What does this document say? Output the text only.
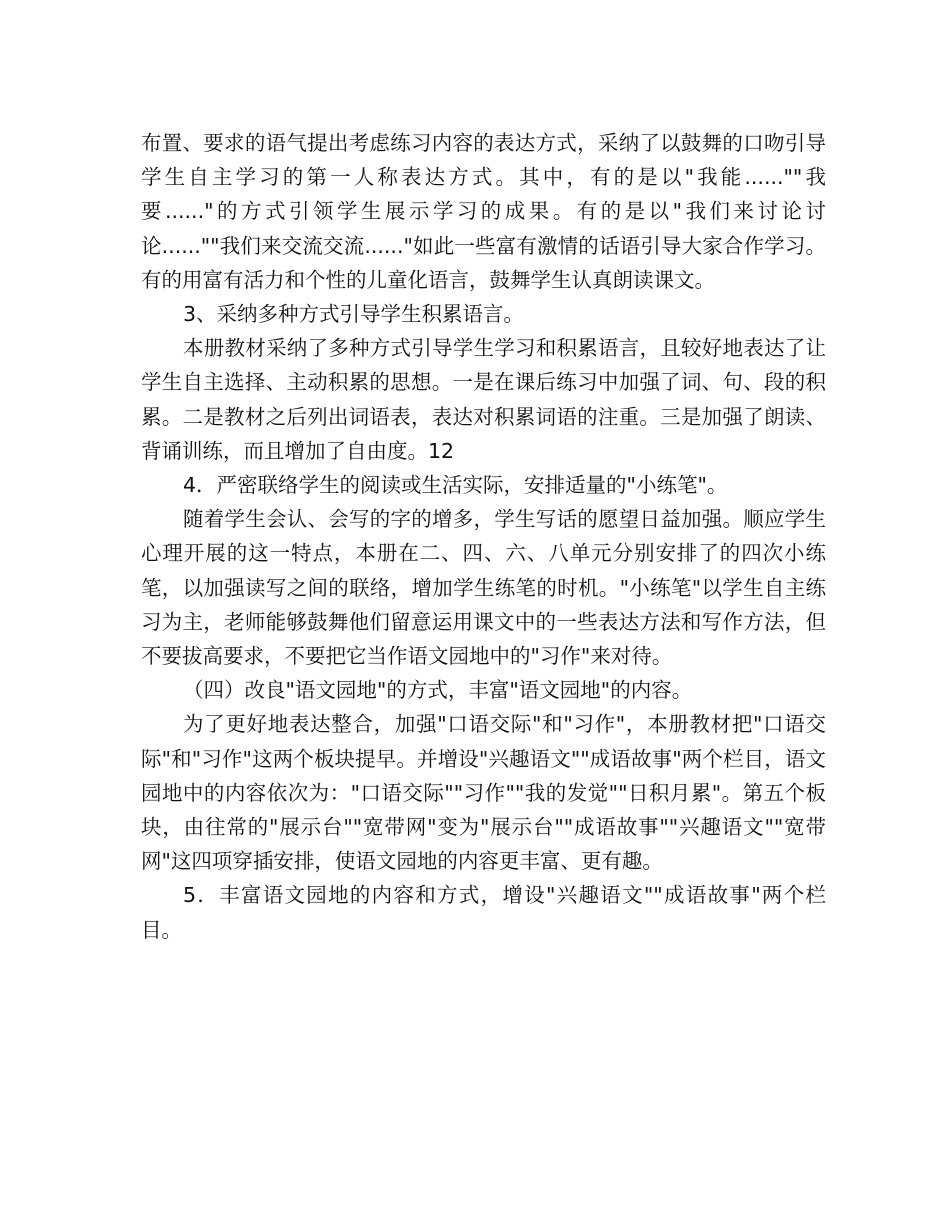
布置、要求的语气提出考虑练习内容的表达方式，采纳了以鼓舞的口吻引导学生自主学习的第一人称表达方式。其中，有的是以"我能......""我要......"的方式引领学生展示学习的成果。有的是以"我们来讨论讨论......""我们来交流交流......"如此一些富有激情的话语引导大家合作学习。有的用富有活力和个性的儿童化语言，鼓舞学生认真朗读课文。

3、采纳多种方式引导学生积累语言。

本册教材采纳了多种方式引导学生学习和积累语言，且较好地表达了让学生自主选择、主动积累的思想。一是在课后练习中加强了词、句、段的积累。二是教材之后列出词语表，表达对积累词语的注重。三是加强了朗读、背诵训练，而且增加了自由度。12

4．严密联络学生的阅读或生活实际，安排适量的"小练笔"。

随着学生会认、会写的字的增多，学生写话的愿望日益加强。顺应学生心理开展的这一特点，本册在二、四、六、八单元分别安排了的四次小练笔，以加强读写之间的联络，增加学生练笔的时机。"小练笔"以学生自主练习为主，老师能够鼓舞他们留意运用课文中的一些表达方法和写作方法，但不要拔高要求，不要把它当作语文园地中的"习作"来对待。

（四）改良"语文园地"的方式，丰富"语文园地"的内容。

为了更好地表达整合，加强"口语交际"和"习作"，本册教材把"口语交际"和"习作"这两个板块提早。并增设"兴趣语文""成语故事"两个栏目，语文园地中的内容依次为："口语交际""习作""我的发觉""日积月累"。第五个板块，由往常的"展示台""宽带网"变为"展示台""成语故事""兴趣语文""宽带网"这四项穿插安排，使语文园地的内容更丰富、更有趣。

5．丰富语文园地的内容和方式，增设"兴趣语文""成语故事"两个栏目。
